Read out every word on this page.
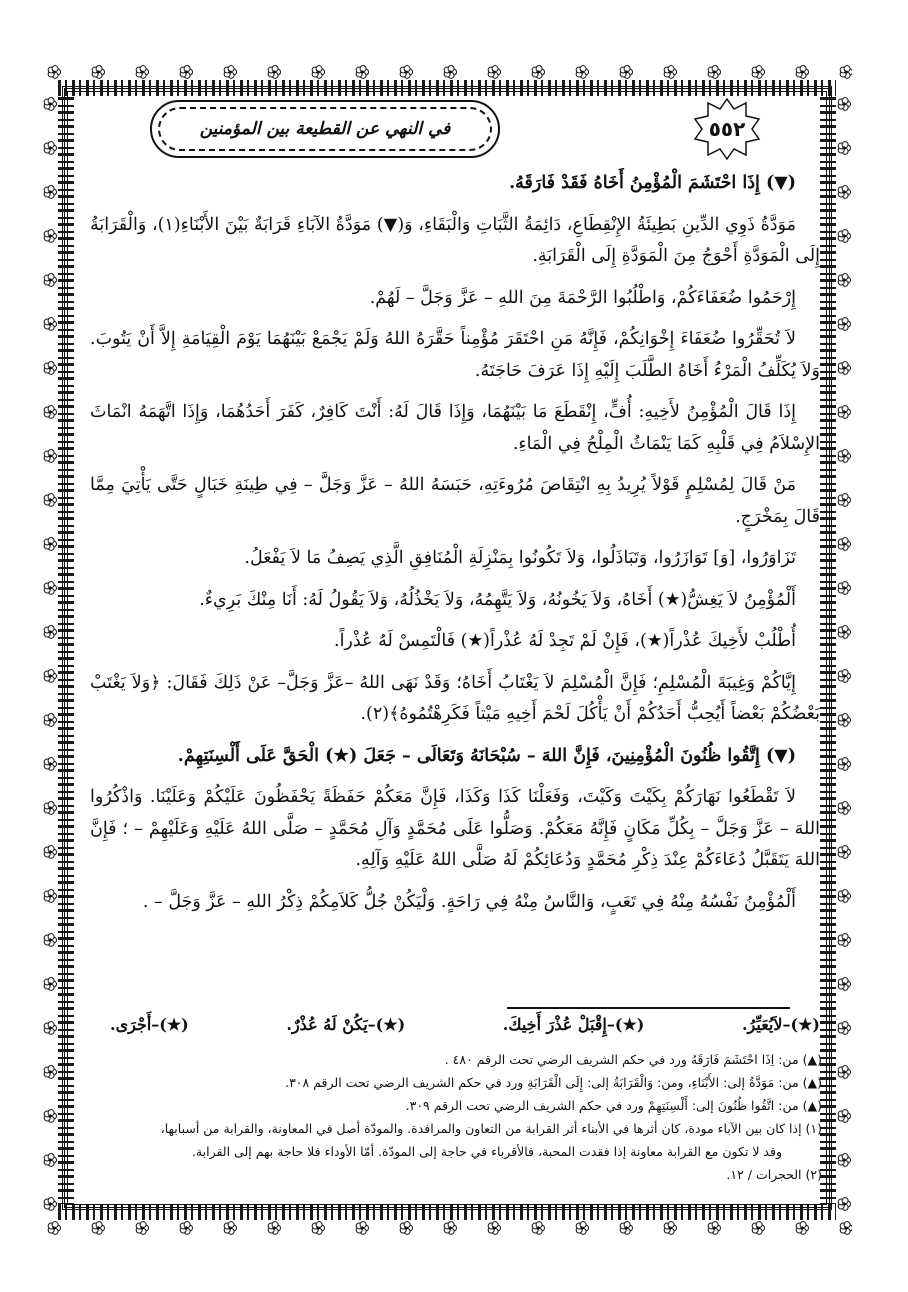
في النهي عن القطيعة بين المؤمنين	٥٥٢

(▼) إِذَا احْتَشَمَ الْمُؤْمِنُ أَخَاهُ فَقَدْ فَارَقَهُ.

مَوَدَّةُ ذَوِي الدِّينِ بَطِيئَةُ الإِنْقِطَاعِ، دَائِمَةُ الثَّبَاتِ وَالْبَقَاءِ، وَ(▼) مَوَدَّةُ الآبَاءِ قَرَابَةٌ بَيْنَ الأَبْنَاءِ(١)، وَالْقَرَابَةُ إِلَى الْمَوَدَّةِ أَحْوَجُ مِنَ الْمَوَدَّةِ إِلَى الْقَرَابَةِ.

إِرْحَمُوا ضُعَفَاءَكُمْ، وَاطْلُبُوا الرَّحْمَةَ مِنَ اللهِ – عَزَّ وَجَلَّ – لَهُمْ.

لاَ تُحَقِّرُوا ضُعَفَاءَ إِخْوَانِكُمْ، فَإِنَّهُ مَنِ احْتَقَرَ مُؤْمِناً حَقَّرَهُ اللهُ وَلَمْ يَجْمَعْ بَيْنَهُمَا يَوْمَ الْقِيَامَةِ إِلاَّ أَنْ يَتُوبَ. وَلاَ يُكَلِّفُ الْمَرْءُ أَخَاهُ الطَّلَبَ إِلَيْهِ إِذَا عَرَفَ حَاجَتَهُ.

إِذَا قَالَ الْمُؤْمِنُ لأَخِيهِ: أُفٍّ، إِنْقَطَعَ مَا بَيْنَهُمَا، وَإِذَا قَالَ لَهُ: أَنْتَ كَافِرٌ، كَفَرَ أَحَدُهُمَا، وَإِذَا اتَّهَمَهُ انْمَاثَ الإِسْلاَمُ فِي قَلْبِهِ كَمَا يَنْمَاثُ الْمِلْحُ فِي الْمَاءِ.

مَنْ قَالَ لِمُسْلِمٍ قَوْلاً يُرِيدُ بِهِ انْتِقَاصَ مُرُوءَتِهِ، حَبَسَهُ اللهُ – عَزَّ وَجَلَّ – فِي طِينَةِ خَبَالٍ حَتَّى يَأْتِيَ مِمَّا قَالَ بِمَخْرَجٍ.

تَزَاوَرُوا، [وَ] تَوَازَرُوا، وَتَبَاذَلُوا، وَلاَ تَكُونُوا بِمَنْزِلَةِ الْمُنَافِقِ الَّذِي يَصِفُ مَا لاَ يَفْعَلُ.

أَلْمُؤْمِنُ لاَ يَغِشُّ(★) أَخَاهُ، وَلاَ يَخُونُهُ، وَلاَ يَتَّهِمُهُ، وَلاَ يَخْذُلُهُ، وَلاَ يَقُولُ لَهُ: أَنَا مِنْكَ بَرِيءٌ.

أُطْلُبْ لأَخِيكَ عُذْراً(★)، فَإِنْ لَمْ تَجِدْ لَهُ عُذْراً(★) فَالْتَمِسْ لَهُ عُذْراً.

إِيَّاكُمْ وَغِيبَةَ الْمُسْلِمِ؛ فَإِنَّ الْمُسْلِمَ لاَ يَغْتَابُ أَخَاهُ؛ وَقَدْ نَهَى اللهُ –عَزَّ وَجَلَّ– عَنْ ذَلِكَ فَقَالَ: ﴿وَلاَ يَغْتَبْ بَعْضُكُمْ بَعْضاً أَيُحِبُّ أَحَدُكُمْ أَنْ يَأْكُلَ لَحْمَ أَخِيهِ مَيْتاً فَكَرِهْتُمُوهُ﴾(٢).

(▼) إِتَّقُوا ظُنُونَ الْمُؤْمِنِينَ، فَإِنَّ اللهَ – سُبْحَانَهُ وَتَعَالَى – جَعَلَ (★) الْحَقَّ عَلَى أَلْسِنَتِهِمْ.

لاَ تَقْطَعُوا نَهَارَكُمْ بِكَيْتَ وَكَيْتَ، وَفَعَلْنَا كَذَا وَكَذَا، فَإِنَّ مَعَكُمْ حَفَظَةً يَحْفَظُونَ عَلَيْكُمْ وَعَلَيْنَا. وَاذْكُرُوا اللهَ – عَزَّ وَجَلَّ – بِكُلِّ مَكَانٍ فَإِنَّهُ مَعَكُمْ. وَصَلُّوا عَلَى مُحَمَّدٍ وَآلِ مُحَمَّدٍ – صَلَّى اللهُ عَلَيْهِ وَعَلَيْهِمْ – ؛ فَإِنَّ اللهَ يَتَقَبَّلُ دُعَاءَكُمْ عِنْدَ ذِكْرِ مُحَمَّدٍ وَدُعَائِكُمْ لَهُ صَلَّى اللهُ عَلَيْهِ وَآلِهِ.

أَلْمُؤْمِنُ نَفْسُهُ مِنْهُ فِي تَعَبٍ، وَالنَّاسُ مِنْهُ فِي رَاحَةٍ. وَلْيَكُنْ جُلُّ كَلاَمِكُمْ ذِكْرُ اللهِ – عَزَّ وَجَلَّ – .

(★)–لاَيُعَيِّرُ.
(★)–إِقْبَلْ عُذْرَ أَخِيكَ.
(★)–يَكُنْ لَهُ عُذْرٌ.
(★)–أَجْرَى.

(▲) من: اِذَا احْتَشَمَ فَارَقَهُ ورد في حكم الشريف الرضي تحت الرقم ٤٨٠ .

(▲) من: مَوَدَّةُ إلى: الأَبْنَاءِ، ومن: وَالْقَرَابَةُ إلى: إِلَى الْقَرَابَةِ ورد في حكم الشريف الرضي تحت الرقم ٣٠٨.

(▲) من: اتَّقُوا ظُنُونَ إلى: أَلْسِنَتِهِمْ ورد في حكم الشريف الرضي تحت الرقم ٣٠٩.

(١) إذا كان بين الآباء مودة، كان أثرها في الأبناء أثر القرابة من التعاون والمرافدة. والمودّة أصل في المعاونة، والقرابة من أسبابها،

وقد لا تكون مع القرابة معاونة إذا فقدت المحبة، فالأقرباء في حاجة إلى المودّة. أمّا الأوداء فلا حاجة بهم إلى القرابة.

(٢) الحجرات / ١٢.
